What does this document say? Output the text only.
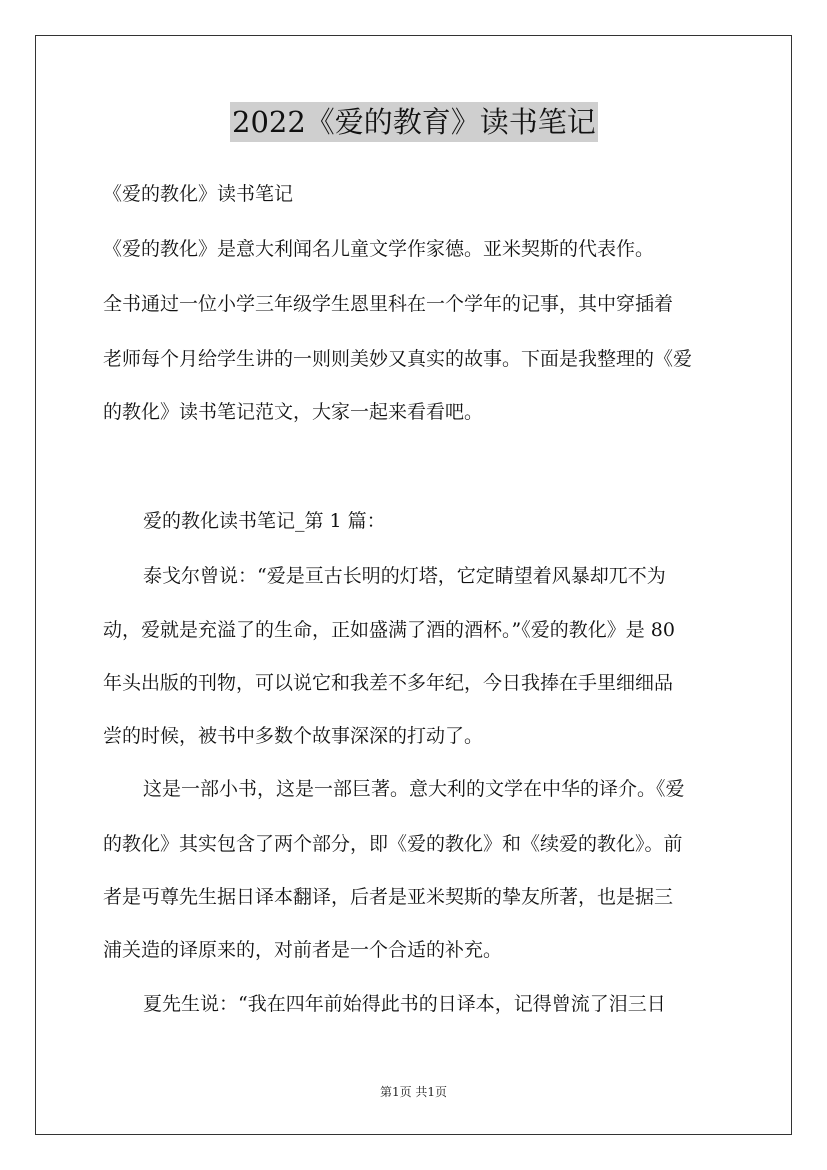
2022《爱的教育》读书笔记
《爱的教化》读书笔记
《爱的教化》是意大利闻名儿童文学作家德。亚米契斯的代表作。
全书通过一位小学三年级学生恩里科在一个学年的记事，其中穿插着
老师每个月给学生讲的一则则美妙又真实的故事。下面是我整理的《爱
的教化》读书笔记范文，大家一起来看看吧。
爱的教化读书笔记_第 1 篇：
泰戈尔曾说：“爱是亘古长明的灯塔，它定睛望着风暴却兀不为
动，爱就是充溢了的生命，正如盛满了酒的酒杯。”《爱的教化》是 80
年头出版的刊物，可以说它和我差不多年纪，今日我捧在手里细细品
尝的时候，被书中多数个故事深深的打动了。
这是一部小书，这是一部巨著。意大利的文学在中华的译介。《爱
的教化》其实包含了两个部分，即《爱的教化》和《续爱的教化》。前
者是丏尊先生据日译本翻译，后者是亚米契斯的挚友所著，也是据三
浦关造的译原来的，对前者是一个合适的补充。
夏先生说：“我在四年前始得此书的日译本，记得曾流了泪三日
第1页 共1页
